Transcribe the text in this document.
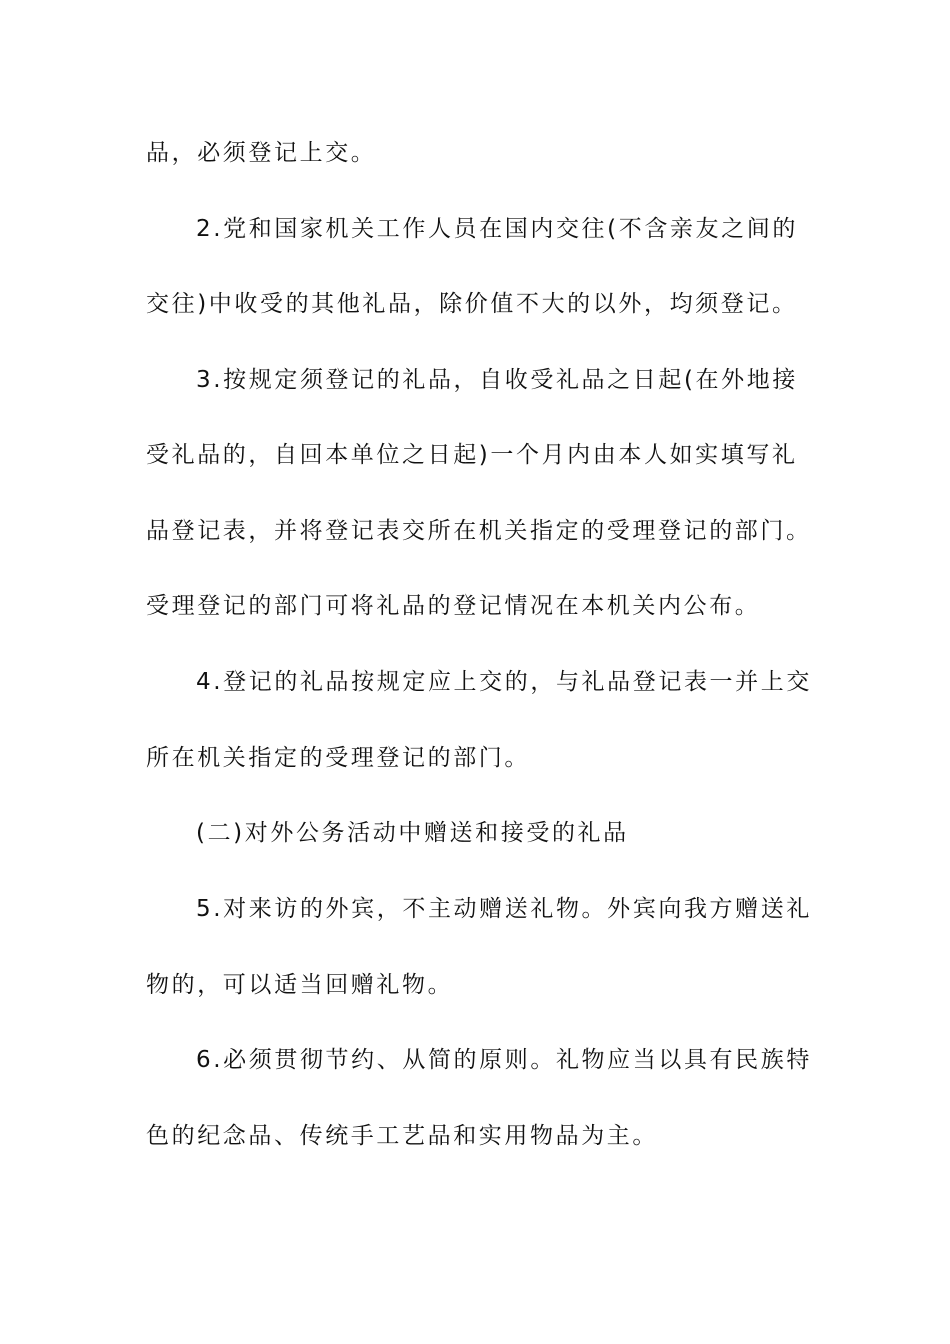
品，必须登记上交。
2.党和国家机关工作人员在国内交往(不含亲友之间的
交往)中收受的其他礼品，除价值不大的以外，均须登记。
3.按规定须登记的礼品，自收受礼品之日起(在外地接
受礼品的，自回本单位之日起)一个月内由本人如实填写礼
品登记表，并将登记表交所在机关指定的受理登记的部门。
受理登记的部门可将礼品的登记情况在本机关内公布。
4.登记的礼品按规定应上交的，与礼品登记表一并上交
所在机关指定的受理登记的部门。
(二)对外公务活动中赠送和接受的礼品
5.对来访的外宾，不主动赠送礼物。外宾向我方赠送礼
物的，可以适当回赠礼物。
6.必须贯彻节约、从简的原则。礼物应当以具有民族特
色的纪念品、传统手工艺品和实用物品为主。
